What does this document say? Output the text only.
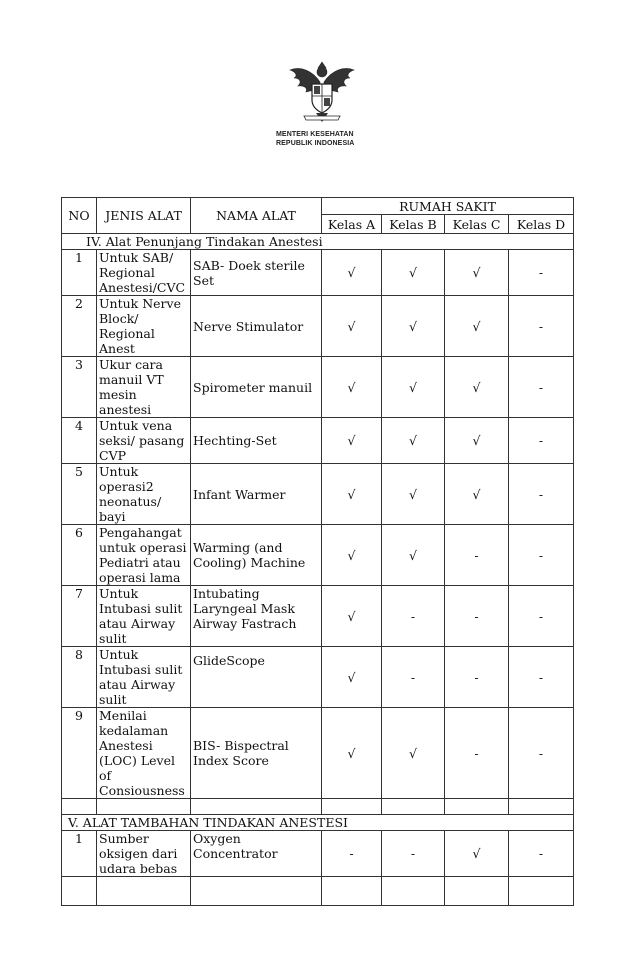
MENTERI KESEHATAN
REPUBLIK INDONESIA
NO	JENIS ALAT	NAMA ALAT	RUMAH SAKIT			
			Kelas A	Kelas B	Kelas C	Kelas D
IV. Alat Penunjang Tindakan Anestesi						
1	Untuk SAB/ Regional Anestesi/CVC	SAB- Doek sterile Set	√	√	√	-
2	Untuk Nerve Block/ Regional Anest	Nerve Stimulator	√	√	√	-
3	Ukur cara manuil VT mesin anestesi	Spirometer manuil	√	√	√	-
4	Untuk vena seksi/ pasang CVP	Hechting-Set	√	√	√	-
5	Untuk operasi2 neonatus/ bayi	Infant Warmer	√	√	√	-
6	Pengahangat untuk operasi Pediatri atau operasi lama	Warming (and Cooling) Machine	√	√	-	-
7	Untuk Intubasi sulit atau Airway sulit	Intubating Laryngeal Mask Airway Fastrach	√	-	-	-
8	Untuk Intubasi sulit atau Airway sulit	GlideScope	√	-	-	-
9	Menilai kedalaman Anestesi (LOC) Level of Consiousness	BIS- Bispectral Index Score	√	√	-	-

V. ALAT TAMBAHAN TINDAKAN ANESTESI						
1	Sumber oksigen dari udara bebas	Oxygen Concentrator	-	-	√	-
